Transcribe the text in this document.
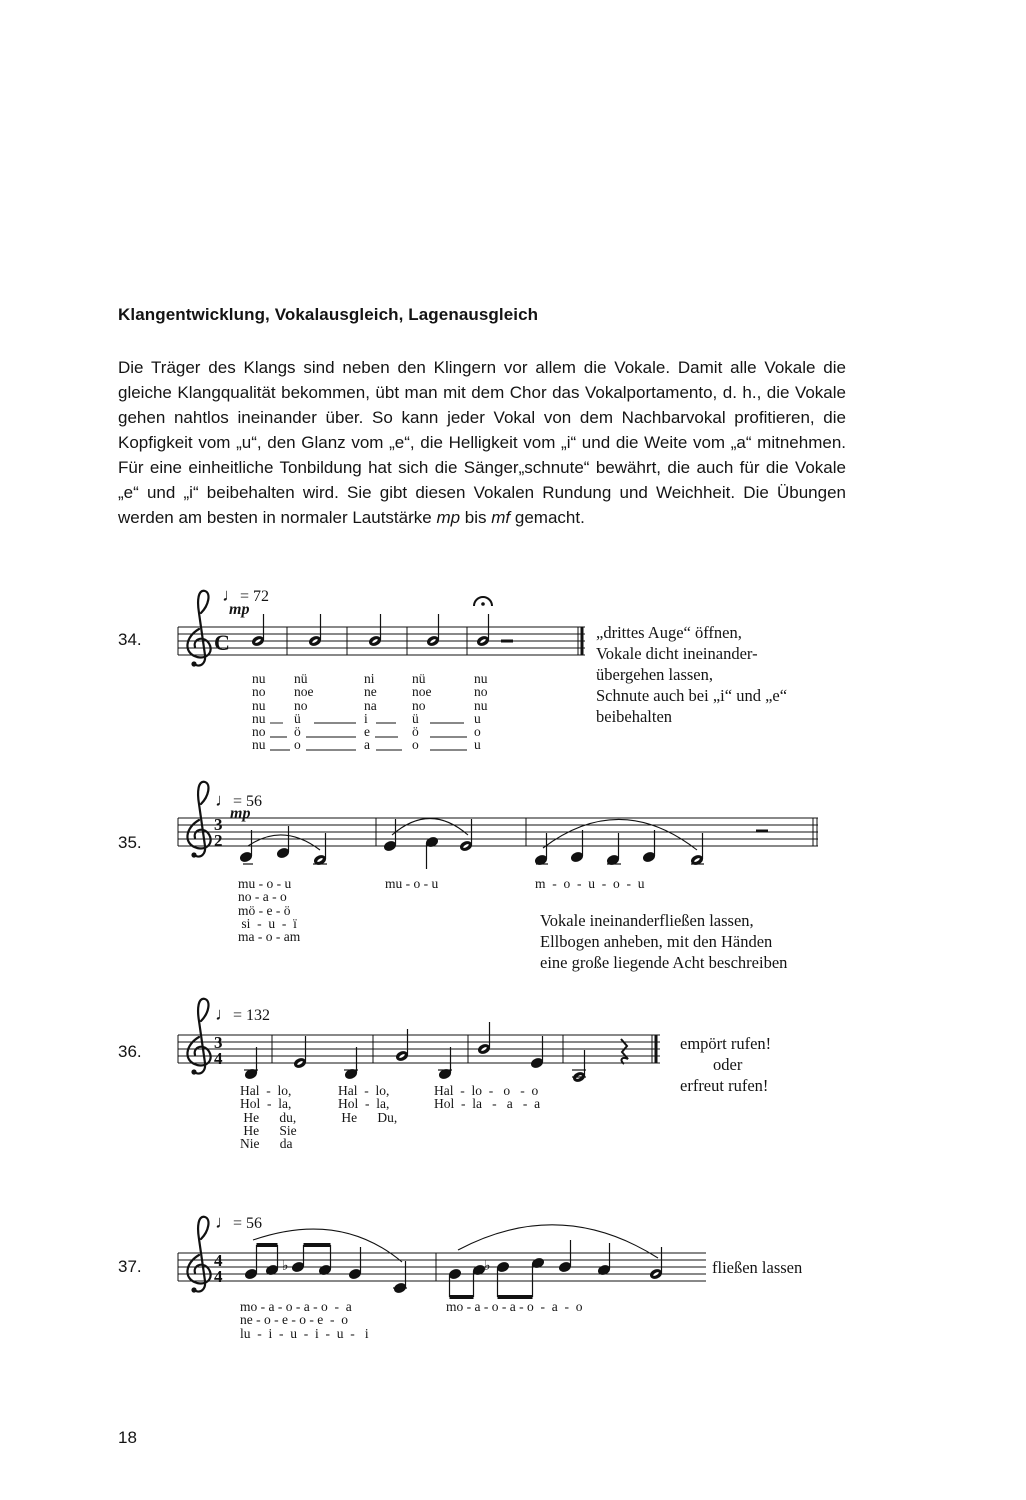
Klangentwicklung, Vokalausgleich, Lagenausgleich

Die Träger des Klangs sind neben den Klingern vor allem die Vokale. Damit alle Vokale die gleiche Klangqualität bekommen, übt man mit dem Chor das Vokalportamento, d. h., die Vokale gehen nahtlos ineinander über. So kann jeder Vokal von dem Nachbarvokal profitieren, die Kopfigkeit vom „u“, den Glanz vom „e“, die Helligkeit vom „i“ und die Weite vom „a“ mitnehmen. Für eine einheitliche Tonbildung hat sich die Sänger„schnute“ bewährt, die auch für die Vokale „e“ und „i“ beibehalten wird. Sie gibt diesen Vokalen Rundung und Weichheit. Die Übungen werden am besten in normaler Lautstärke mp bis mf gemacht.

C
3
2
3
4
4
4
♭	♭
34.
♩= 72
mp
nu
no
nu
nu
no
nu
nü
noe
no
ü
ö
o
ni
ne
na
i
e
a
nü
noe
no
ü
ö
o
nu
no
nu
u
o
u
„drittes Auge“ öffnen,
Vokale dicht ineinander-
übergehen lassen,
Schnute auch bei „i“ und „e“
beibehalten
35.
♩= 56
mp
mu - o - u
no - a - o
mö - e - ö
si  -  u  -  ï
ma - o - am
mu - o - u	m  -  o  -  u  -  o  -  u
Vokale ineinanderfließen lassen,
Ellbogen anheben, mit den Händen
eine große liegende Acht beschreiben
36.
♩= 132
Hal  -  lo,
Hol  -  la,
He      du,
He      Sie
Nie      da
Hal  -  lo,
Hol  -  la,
He      Du,
Hal  -  lo  -   o   -  o
Hol  -  la   -   a   -  a
empört rufen!
oder
erfreut rufen!
37.
♩= 56
mo - a - o - a - o  -  a
ne - o - e - o - e  -  o
lu  -  i  -  u  -  i  -  u  -   i
mo - a - o - a - o  -  a  -  o
fließen lassen
18
